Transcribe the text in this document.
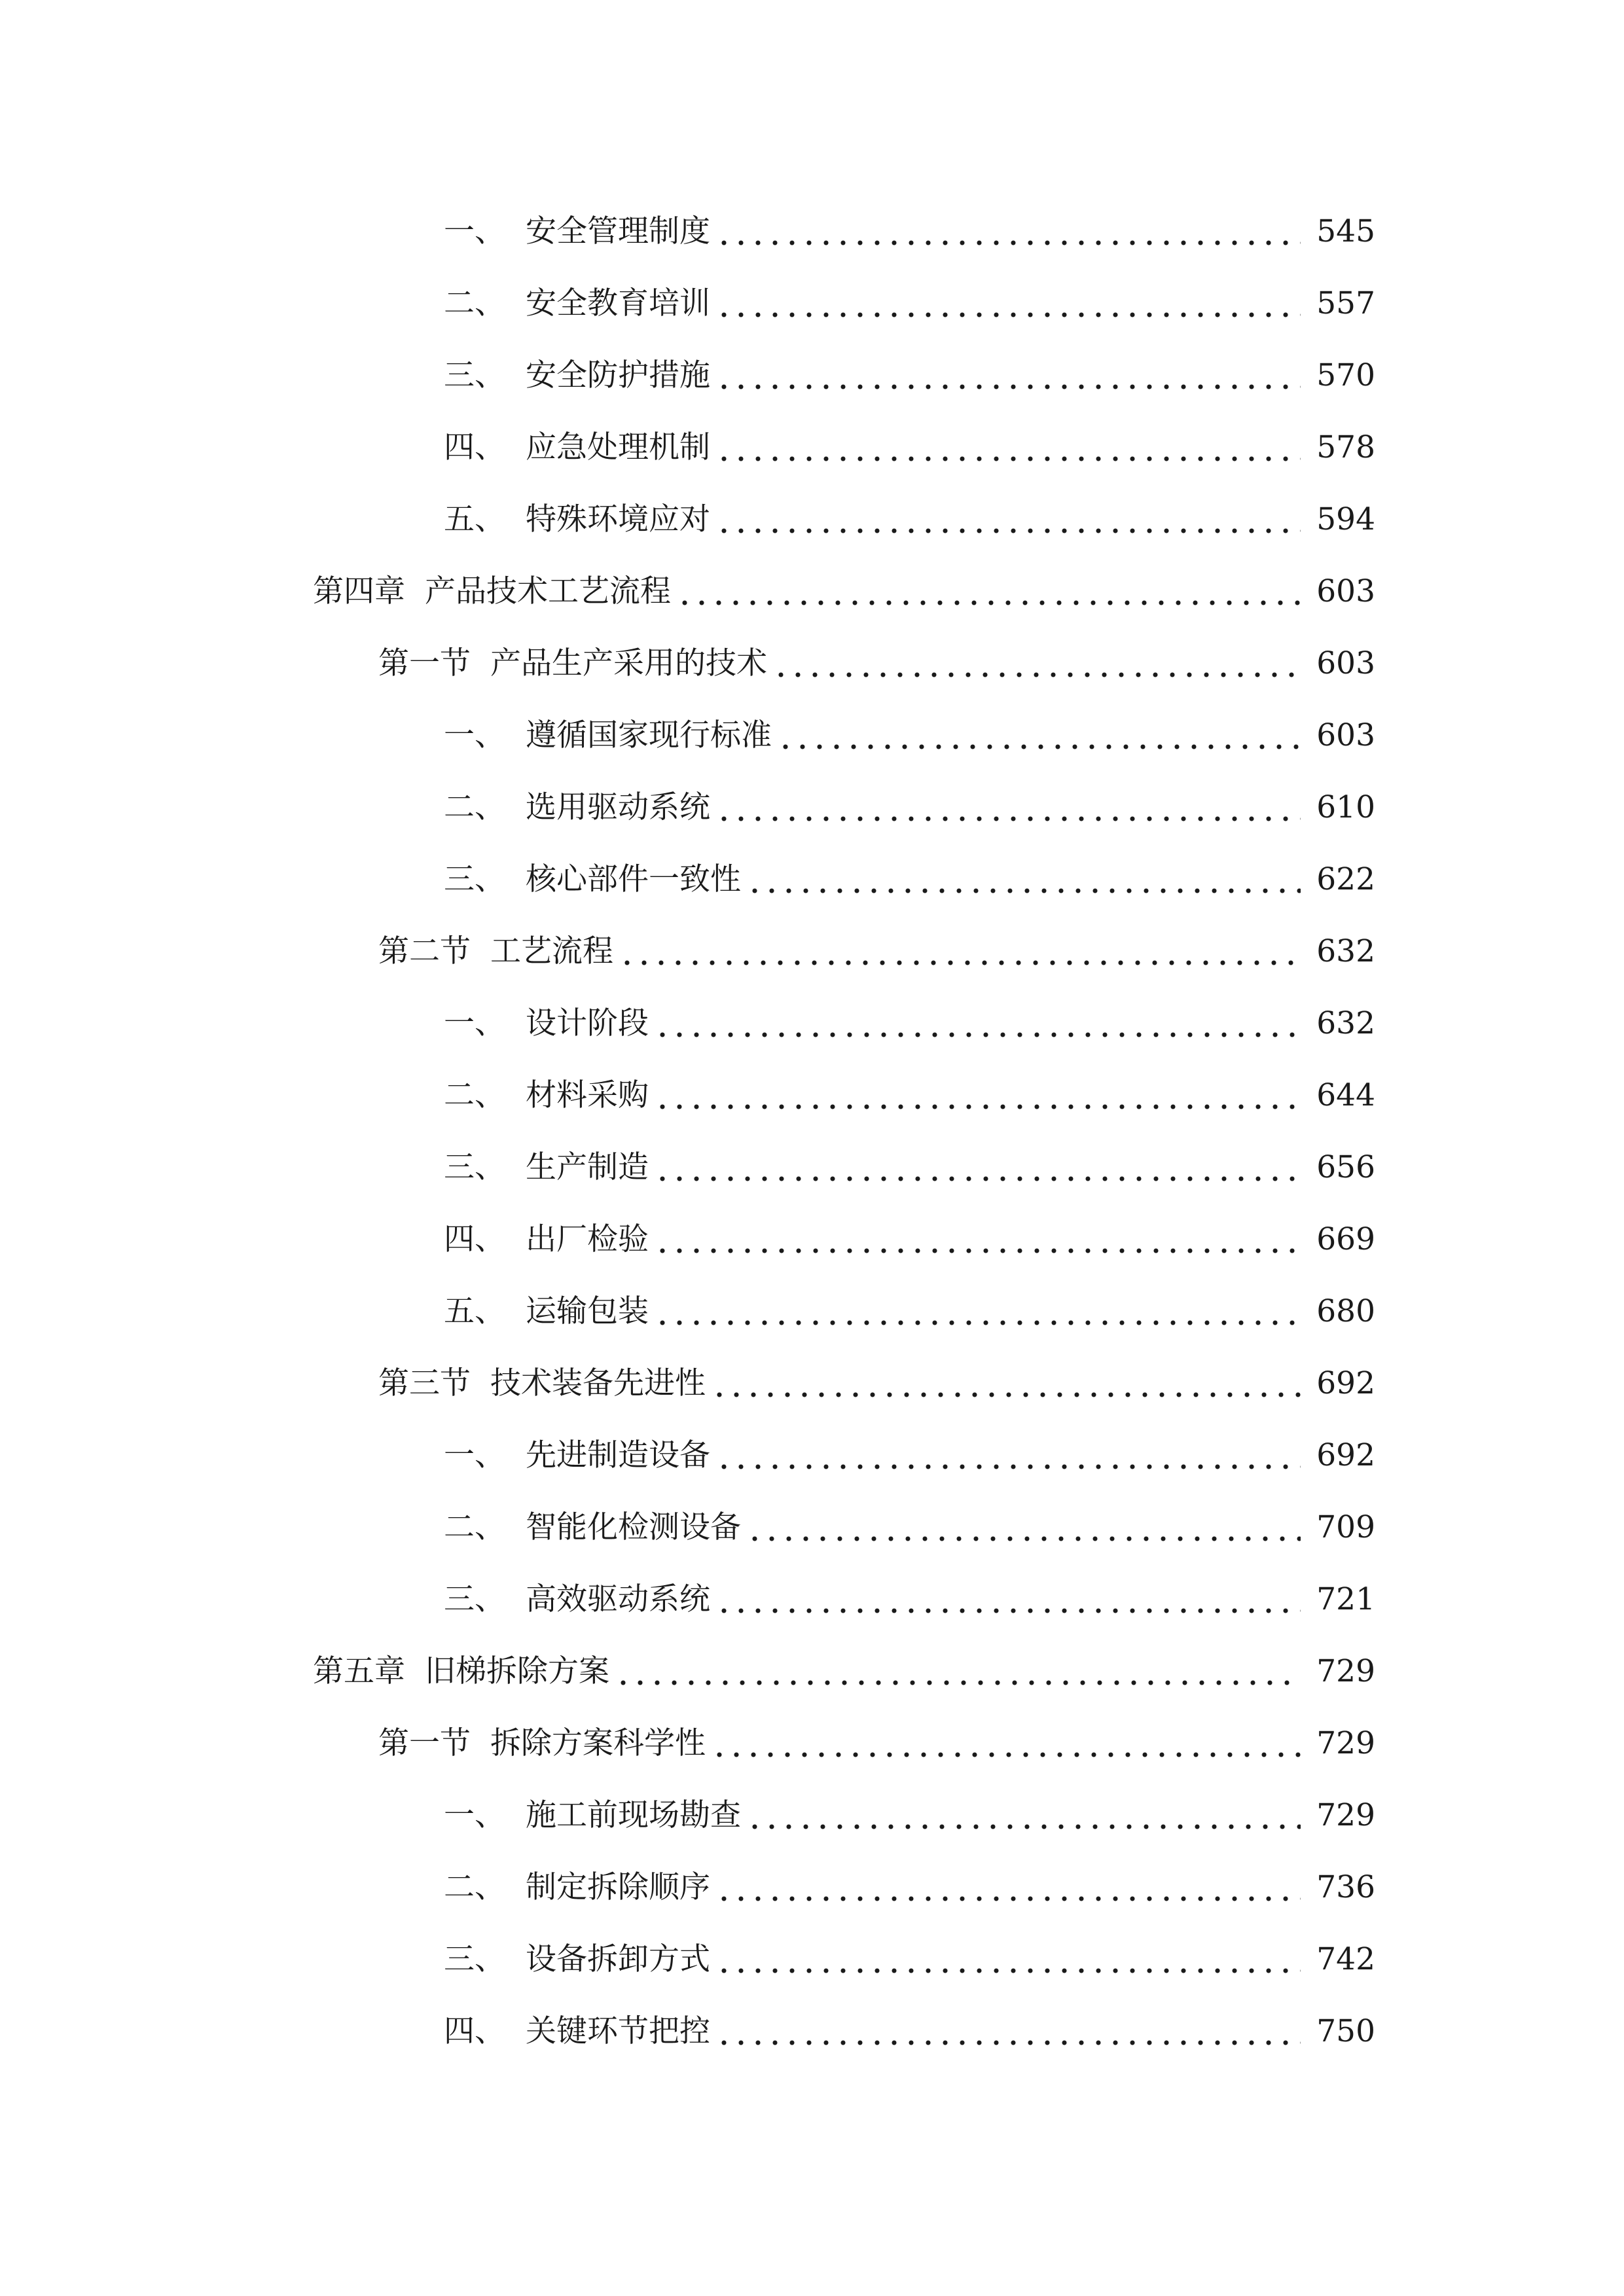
一、 安全管理制度	545
二、 安全教育培训	557
三、 安全防护措施	570
四、 应急处理机制	578
五、 特殊环境应对	594
第四章 产品技术工艺流程	603
第一节 产品生产采用的技术	603
一、 遵循国家现行标准	603
二、 选用驱动系统	610
三、 核心部件一致性	622
第二节 工艺流程	632
一、 设计阶段	632
二、 材料采购	644
三、 生产制造	656
四、 出厂检验	669
五、 运输包装	680
第三节 技术装备先进性	692
一、 先进制造设备	692
二、 智能化检测设备	709
三、 高效驱动系统	721
第五章 旧梯拆除方案	729
第一节 拆除方案科学性	729
一、 施工前现场勘查	729
二、 制定拆除顺序	736
三、 设备拆卸方式	742
四、 关键环节把控	750
